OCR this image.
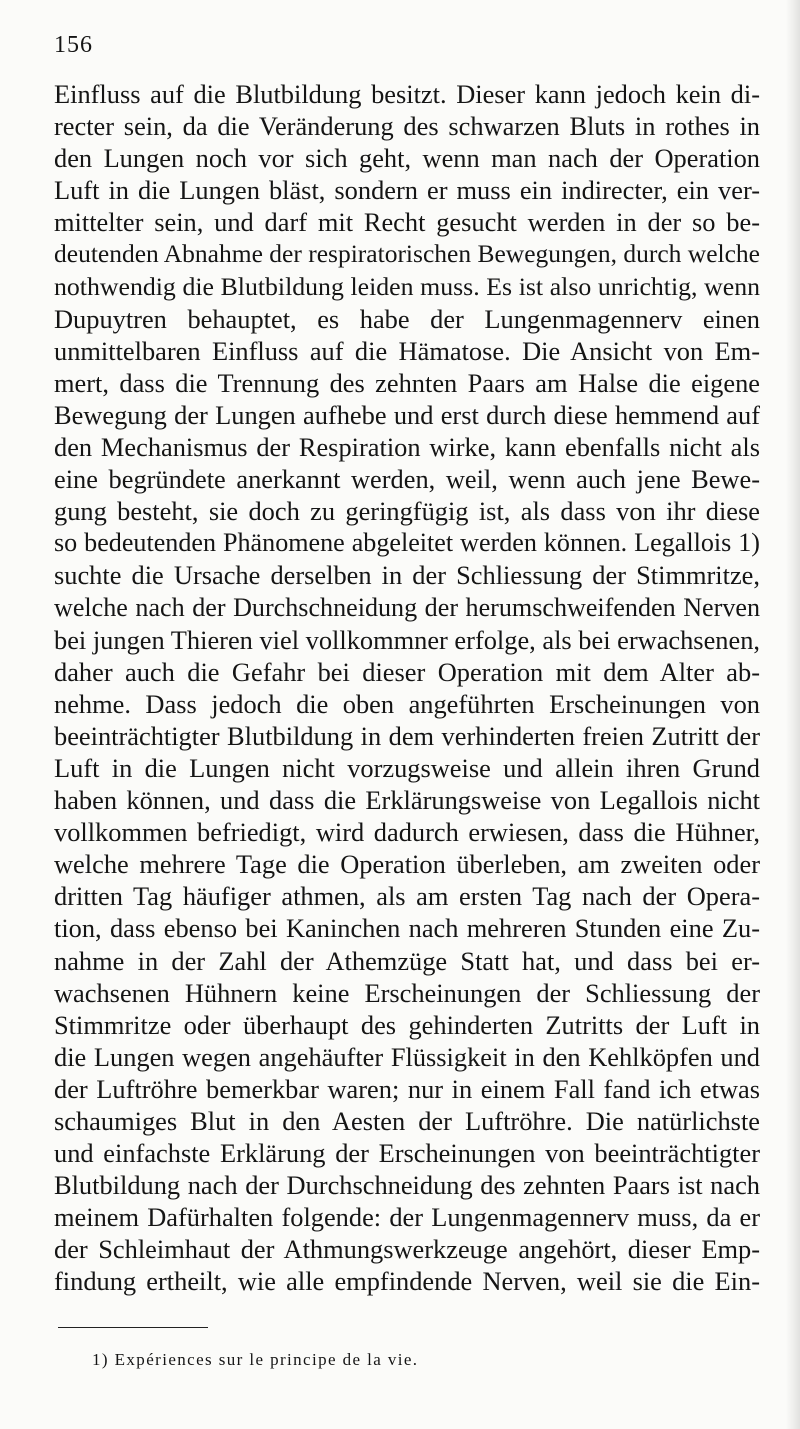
156
Einfluss auf die Blutbildung besitzt. Dieser kann jedoch kein di-
recter sein, da die Veränderung des schwarzen Bluts in rothes in
den Lungen noch vor sich geht, wenn man nach der Operation
Luft in die Lungen bläst, sondern er muss ein indirecter, ein ver-
mittelter sein, und darf mit Recht gesucht werden in der so be-
deutenden Abnahme der respiratorischen Bewegungen, durch welche
nothwendig die Blutbildung leiden muss. Es ist also unrichtig, wenn
Dupuytren behauptet, es habe der Lungenmagennerv einen
unmittelbaren Einfluss auf die Hämatose. Die Ansicht von Em-
mert, dass die Trennung des zehnten Paars am Halse die eigene
Bewegung der Lungen aufhebe und erst durch diese hemmend auf
den Mechanismus der Respiration wirke, kann ebenfalls nicht als
eine begründete anerkannt werden, weil, wenn auch jene Bewe-
gung besteht, sie doch zu geringfügig ist, als dass von ihr diese
so bedeutenden Phänomene abgeleitet werden können. Legallois 1)
suchte die Ursache derselben in der Schliessung der Stimmritze,
welche nach der Durchschneidung der herumschweifenden Nerven
bei jungen Thieren viel vollkommner erfolge, als bei erwachsenen,
daher auch die Gefahr bei dieser Operation mit dem Alter ab-
nehme. Dass jedoch die oben angeführten Erscheinungen von
beeinträchtigter Blutbildung in dem verhinderten freien Zutritt der
Luft in die Lungen nicht vorzugsweise und allein ihren Grund
haben können, und dass die Erklärungsweise von Legallois nicht
vollkommen befriedigt, wird dadurch erwiesen, dass die Hühner,
welche mehrere Tage die Operation überleben, am zweiten oder
dritten Tag häufiger athmen, als am ersten Tag nach der Opera-
tion, dass ebenso bei Kaninchen nach mehreren Stunden eine Zu-
nahme in der Zahl der Athemzüge Statt hat, und dass bei er-
wachsenen Hühnern keine Erscheinungen der Schliessung der
Stimmritze oder überhaupt des gehinderten Zutritts der Luft in
die Lungen wegen angehäufter Flüssigkeit in den Kehlköpfen und
der Luftröhre bemerkbar waren; nur in einem Fall fand ich etwas
schaumiges Blut in den Aesten der Luftröhre. Die natürlichste
und einfachste Erklärung der Erscheinungen von beeinträchtigter
Blutbildung nach der Durchschneidung des zehnten Paars ist nach
meinem Dafürhalten folgende: der Lungenmagennerv muss, da er
der Schleimhaut der Athmungswerkzeuge angehört, dieser Emp-
findung ertheilt, wie alle empfindende Nerven, weil sie die Ein-
1) Expériences sur le principe de la vie.
